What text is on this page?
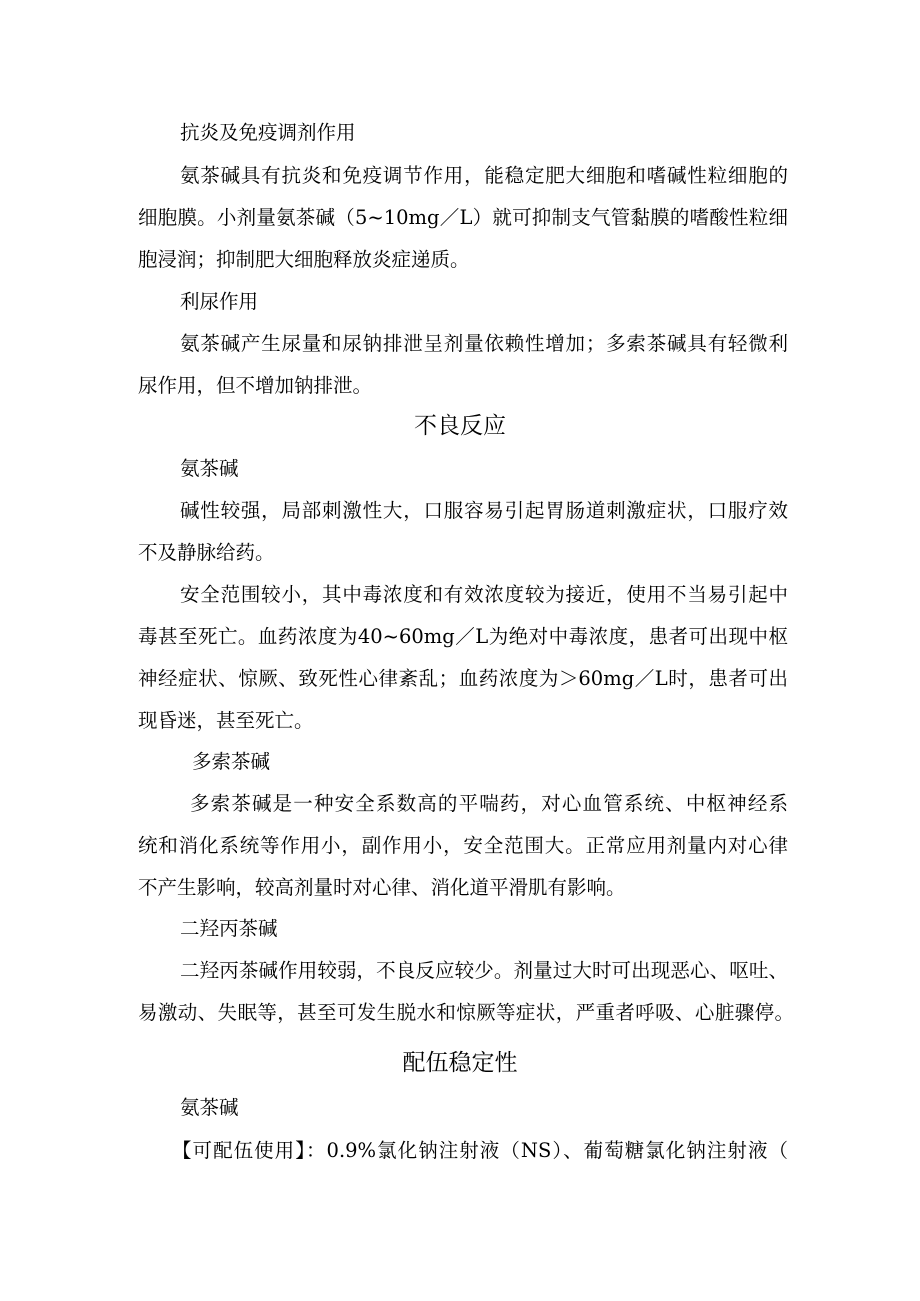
抗炎及免疫调剂作用
氨茶碱具有抗炎和免疫调节作用，能稳定肥大细胞和嗜碱性粒细胞的
细胞膜。小剂量氨茶碱（5~10mg／L）就可抑制支气管黏膜的嗜酸性粒细
胞浸润；抑制肥大细胞释放炎症递质。
利尿作用
氨茶碱产生尿量和尿钠排泄呈剂量依赖性增加；多索茶碱具有轻微利
尿作用，但不增加钠排泄。
不良反应
氨茶碱
碱性较强，局部刺激性大，口服容易引起胃肠道刺激症状，口服疗效
不及静脉给药。
安全范围较小，其中毒浓度和有效浓度较为接近，使用不当易引起中
毒甚至死亡。血药浓度为40~60mg／L为绝对中毒浓度，患者可出现中枢
神经症状、惊厥、致死性心律紊乱；血药浓度为＞60mg／L时，患者可出
现昏迷，甚至死亡。
多索茶碱
多索茶碱是一种安全系数高的平喘药，对心血管系统、中枢神经系
统和消化系统等作用小，副作用小，安全范围大。正常应用剂量内对心律
不产生影响，较高剂量时对心律、消化道平滑肌有影响。
二羟丙茶碱
二羟丙茶碱作用较弱，不良反应较少。剂量过大时可出现恶心、呕吐、
易激动、失眠等，甚至可发生脱水和惊厥等症状，严重者呼吸、心脏骤停。
配伍稳定性
氨茶碱
【可配伍使用】：0.9%氯化钠注射液（NS）、葡萄糖氯化钠注射液（
